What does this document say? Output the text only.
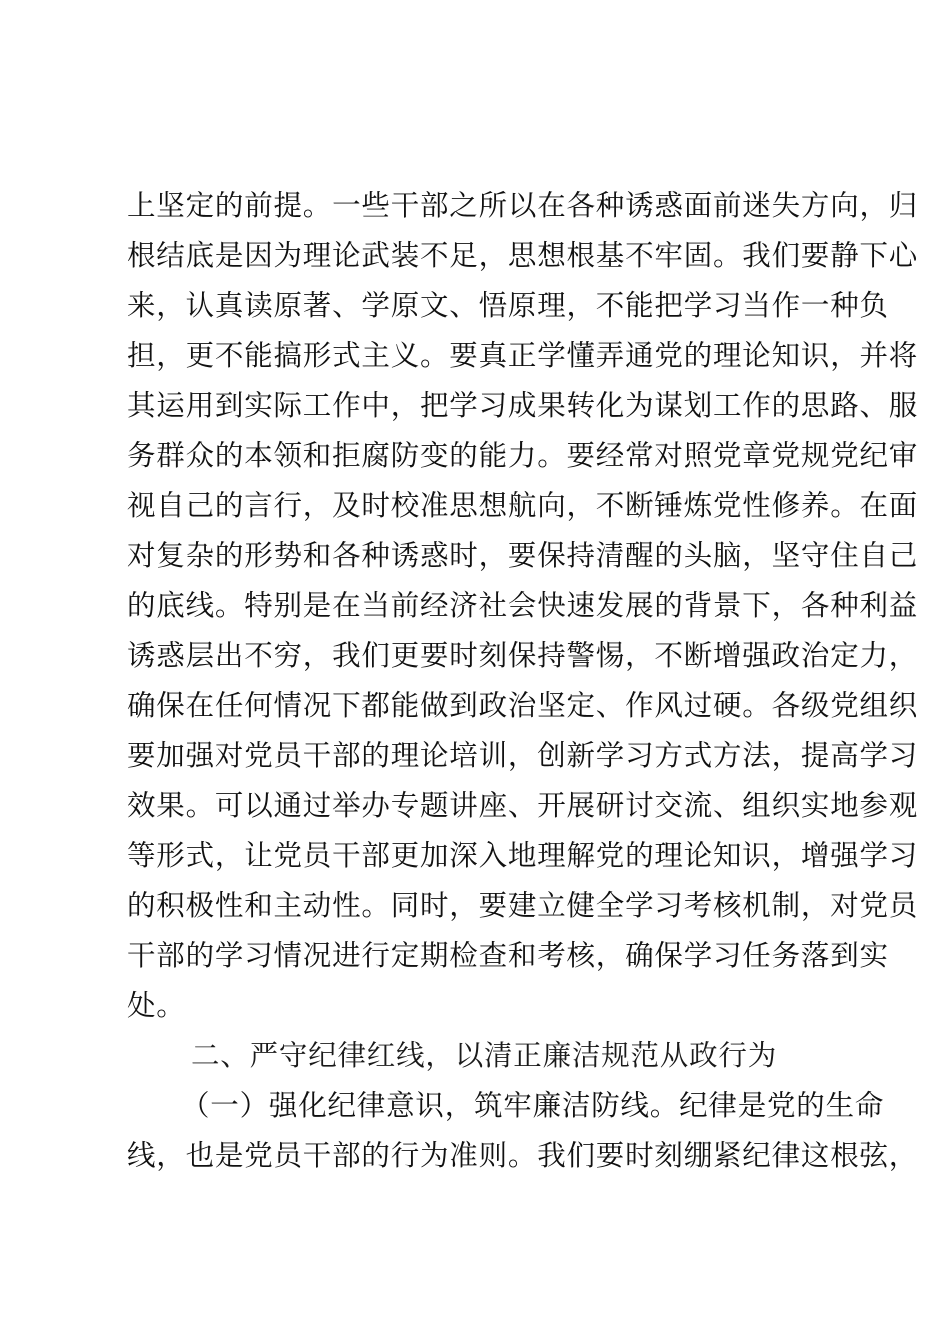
上坚定的前提。一些干部之所以在各种诱惑面前迷失方向，归
根结底是因为理论武装不足，思想根基不牢固。我们要静下心
来，认真读原著、学原文、悟原理，不能把学习当作一种负
担，更不能搞形式主义。要真正学懂弄通党的理论知识，并将
其运用到实际工作中，把学习成果转化为谋划工作的思路、服
务群众的本领和拒腐防变的能力。要经常对照党章党规党纪审
视自己的言行，及时校准思想航向，不断锤炼党性修养。在面
对复杂的形势和各种诱惑时，要保持清醒的头脑，坚守住自己
的底线。特别是在当前经济社会快速发展的背景下，各种利益
诱惑层出不穷，我们更要时刻保持警惕，不断增强政治定力，
确保在任何情况下都能做到政治坚定、作风过硬。各级党组织
要加强对党员干部的理论培训，创新学习方式方法，提高学习
效果。可以通过举办专题讲座、开展研讨交流、组织实地参观
等形式，让党员干部更加深入地理解党的理论知识，增强学习
的积极性和主动性。同时，要建立健全学习考核机制，对党员
干部的学习情况进行定期检查和考核，确保学习任务落到实
处。
二、严守纪律红线，以清正廉洁规范从政行为
（一）强化纪律意识，筑牢廉洁防线。纪律是党的生命
线，也是党员干部的行为准则。我们要时刻绷紧纪律这根弦，
